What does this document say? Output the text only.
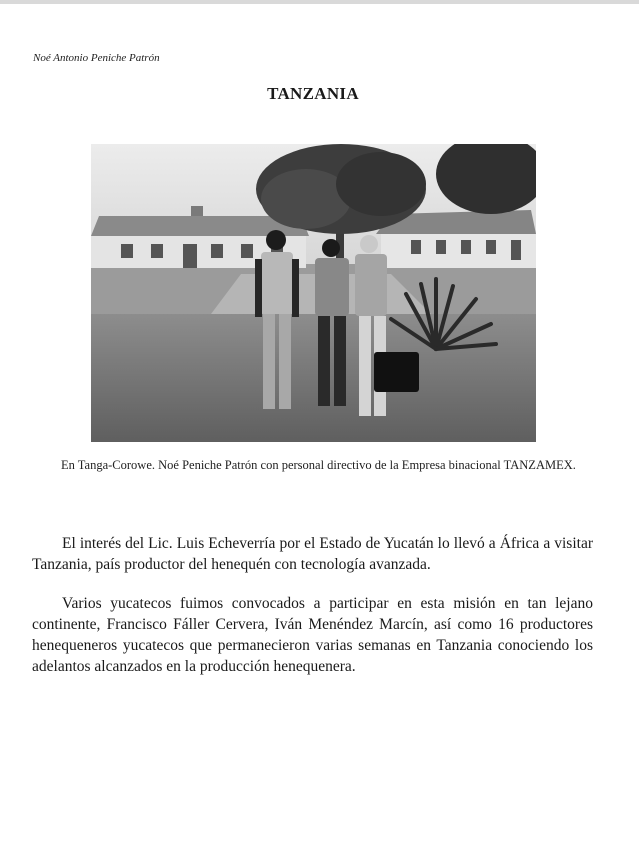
Noé Antonio Peniche Patrón
TANZANIA
En Tanga-Corowe. Noé Peniche Patrón con personal directivo de la Empresa binacional TANZAMEX.

El interés del Lic. Luis Echeverría por el Estado de Yucatán lo llevó a África a visitar Tanzania, país productor del henequén con tecnología avanzada.

Varios yucatecos fuimos convocados a participar en esta misión en tan lejano continente, Francisco Fáller Cervera, Iván Menéndez Marcín, así como 16 productores henequeneros yucatecos que permanecieron varias semanas en Tanzania conociendo los adelantos alcanzados en la producción henequenera.
